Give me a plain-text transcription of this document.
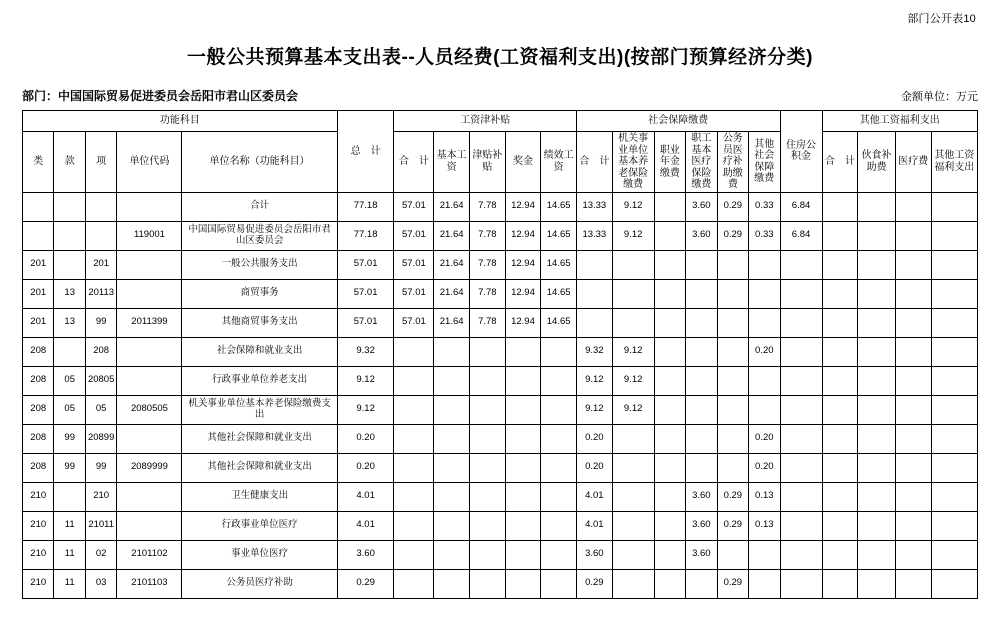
部门公开表10
一般公共预算基本支出表--人员经费(工资福利支出)(按部门预算经济分类)
部门：中国国际贸易促进委员会岳阳市君山区委员会	金额单位：万元
功能科目					总　计	工资津补贴					社会保障缴费						住房公积金	其他工资福利支出			
类	款	项	单位代码	单位名称（功能科目）		合　计	基本工资	津贴补贴	奖金	绩效工资	合　计	机关事业单位基本养老保险缴费	职业年金缴费	职工基本医疗保险缴费	公务员医疗补助缴费	其他社会保障缴费		合　计	伙食补助费	医疗费	其他工资福利支出
				合计	77.18	57.01	21.64	7.78	12.94	14.65	13.33	9.12		3.60	0.29	0.33	6.84				
			119001	中国国际贸易促进委员会岳阳市君山区委员会	77.18	57.01	21.64	7.78	12.94	14.65	13.33	9.12		3.60	0.29	0.33	6.84				
201		201		一般公共服务支出	57.01	57.01	21.64	7.78	12.94	14.65											
201	13	20113		商贸事务	57.01	57.01	21.64	7.78	12.94	14.65											
201	13	99	2011399	其他商贸事务支出	57.01	57.01	21.64	7.78	12.94	14.65											
208		208		社会保障和就业支出	9.32						9.32	9.12				0.20					
208	05	20805		行政事业单位养老支出	9.12						9.12	9.12									
208	05	05	2080505	机关事业单位基本养老保险缴费支出	9.12						9.12	9.12									
208	99	20899		其他社会保障和就业支出	0.20						0.20					0.20					
208	99	99	2089999	其他社会保障和就业支出	0.20						0.20					0.20					
210		210		卫生健康支出	4.01						4.01			3.60	0.29	0.13					
210	11	21011		行政事业单位医疗	4.01						4.01			3.60	0.29	0.13					
210	11	02	2101102	事业单位医疗	3.60						3.60			3.60							
210	11	03	2101103	公务员医疗补助	0.29						0.29				0.29						
